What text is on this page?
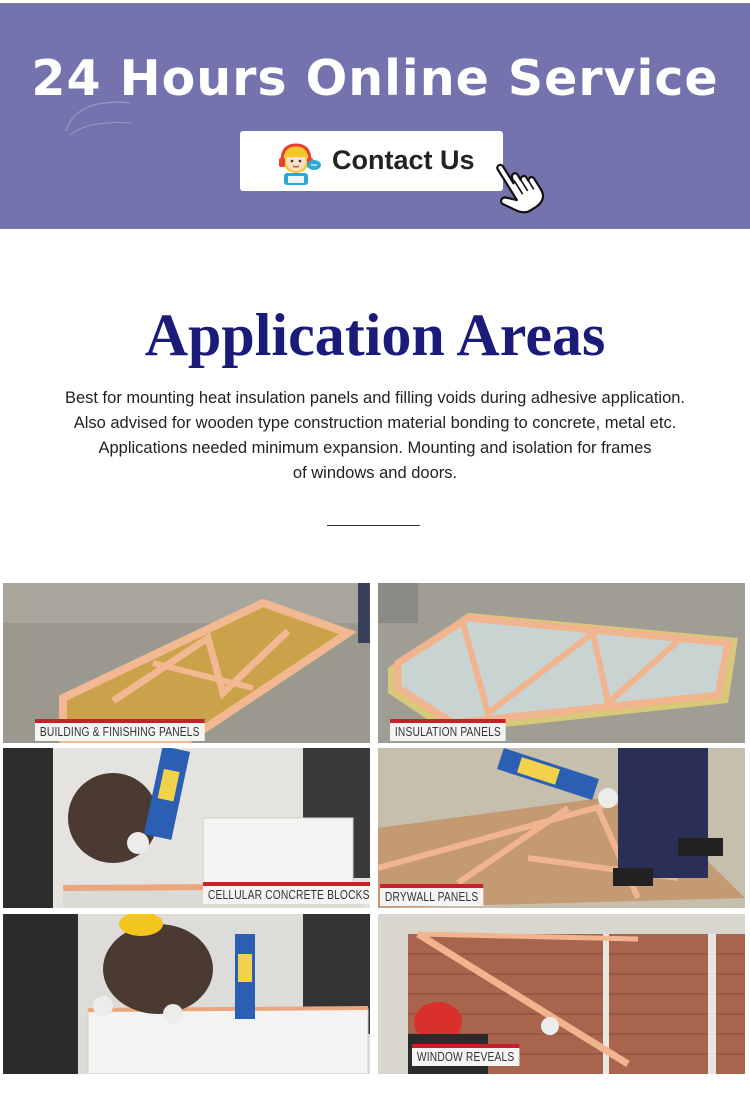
24 Hours Online Service
Contact Us
Application Areas

Best for mounting heat insulation panels and filling voids during adhesive application.
Also advised for wooden type construction material bonding to concrete, metal etc.
Applications needed minimum expansion. Mounting and isolation for frames
of windows and doors.

BUILDING & FINISHING PANELS	INSULATION PANELS
CELLULAR CONCRETE BLOCKS	DRYWALL PANELS
WINDOW REVEALS
